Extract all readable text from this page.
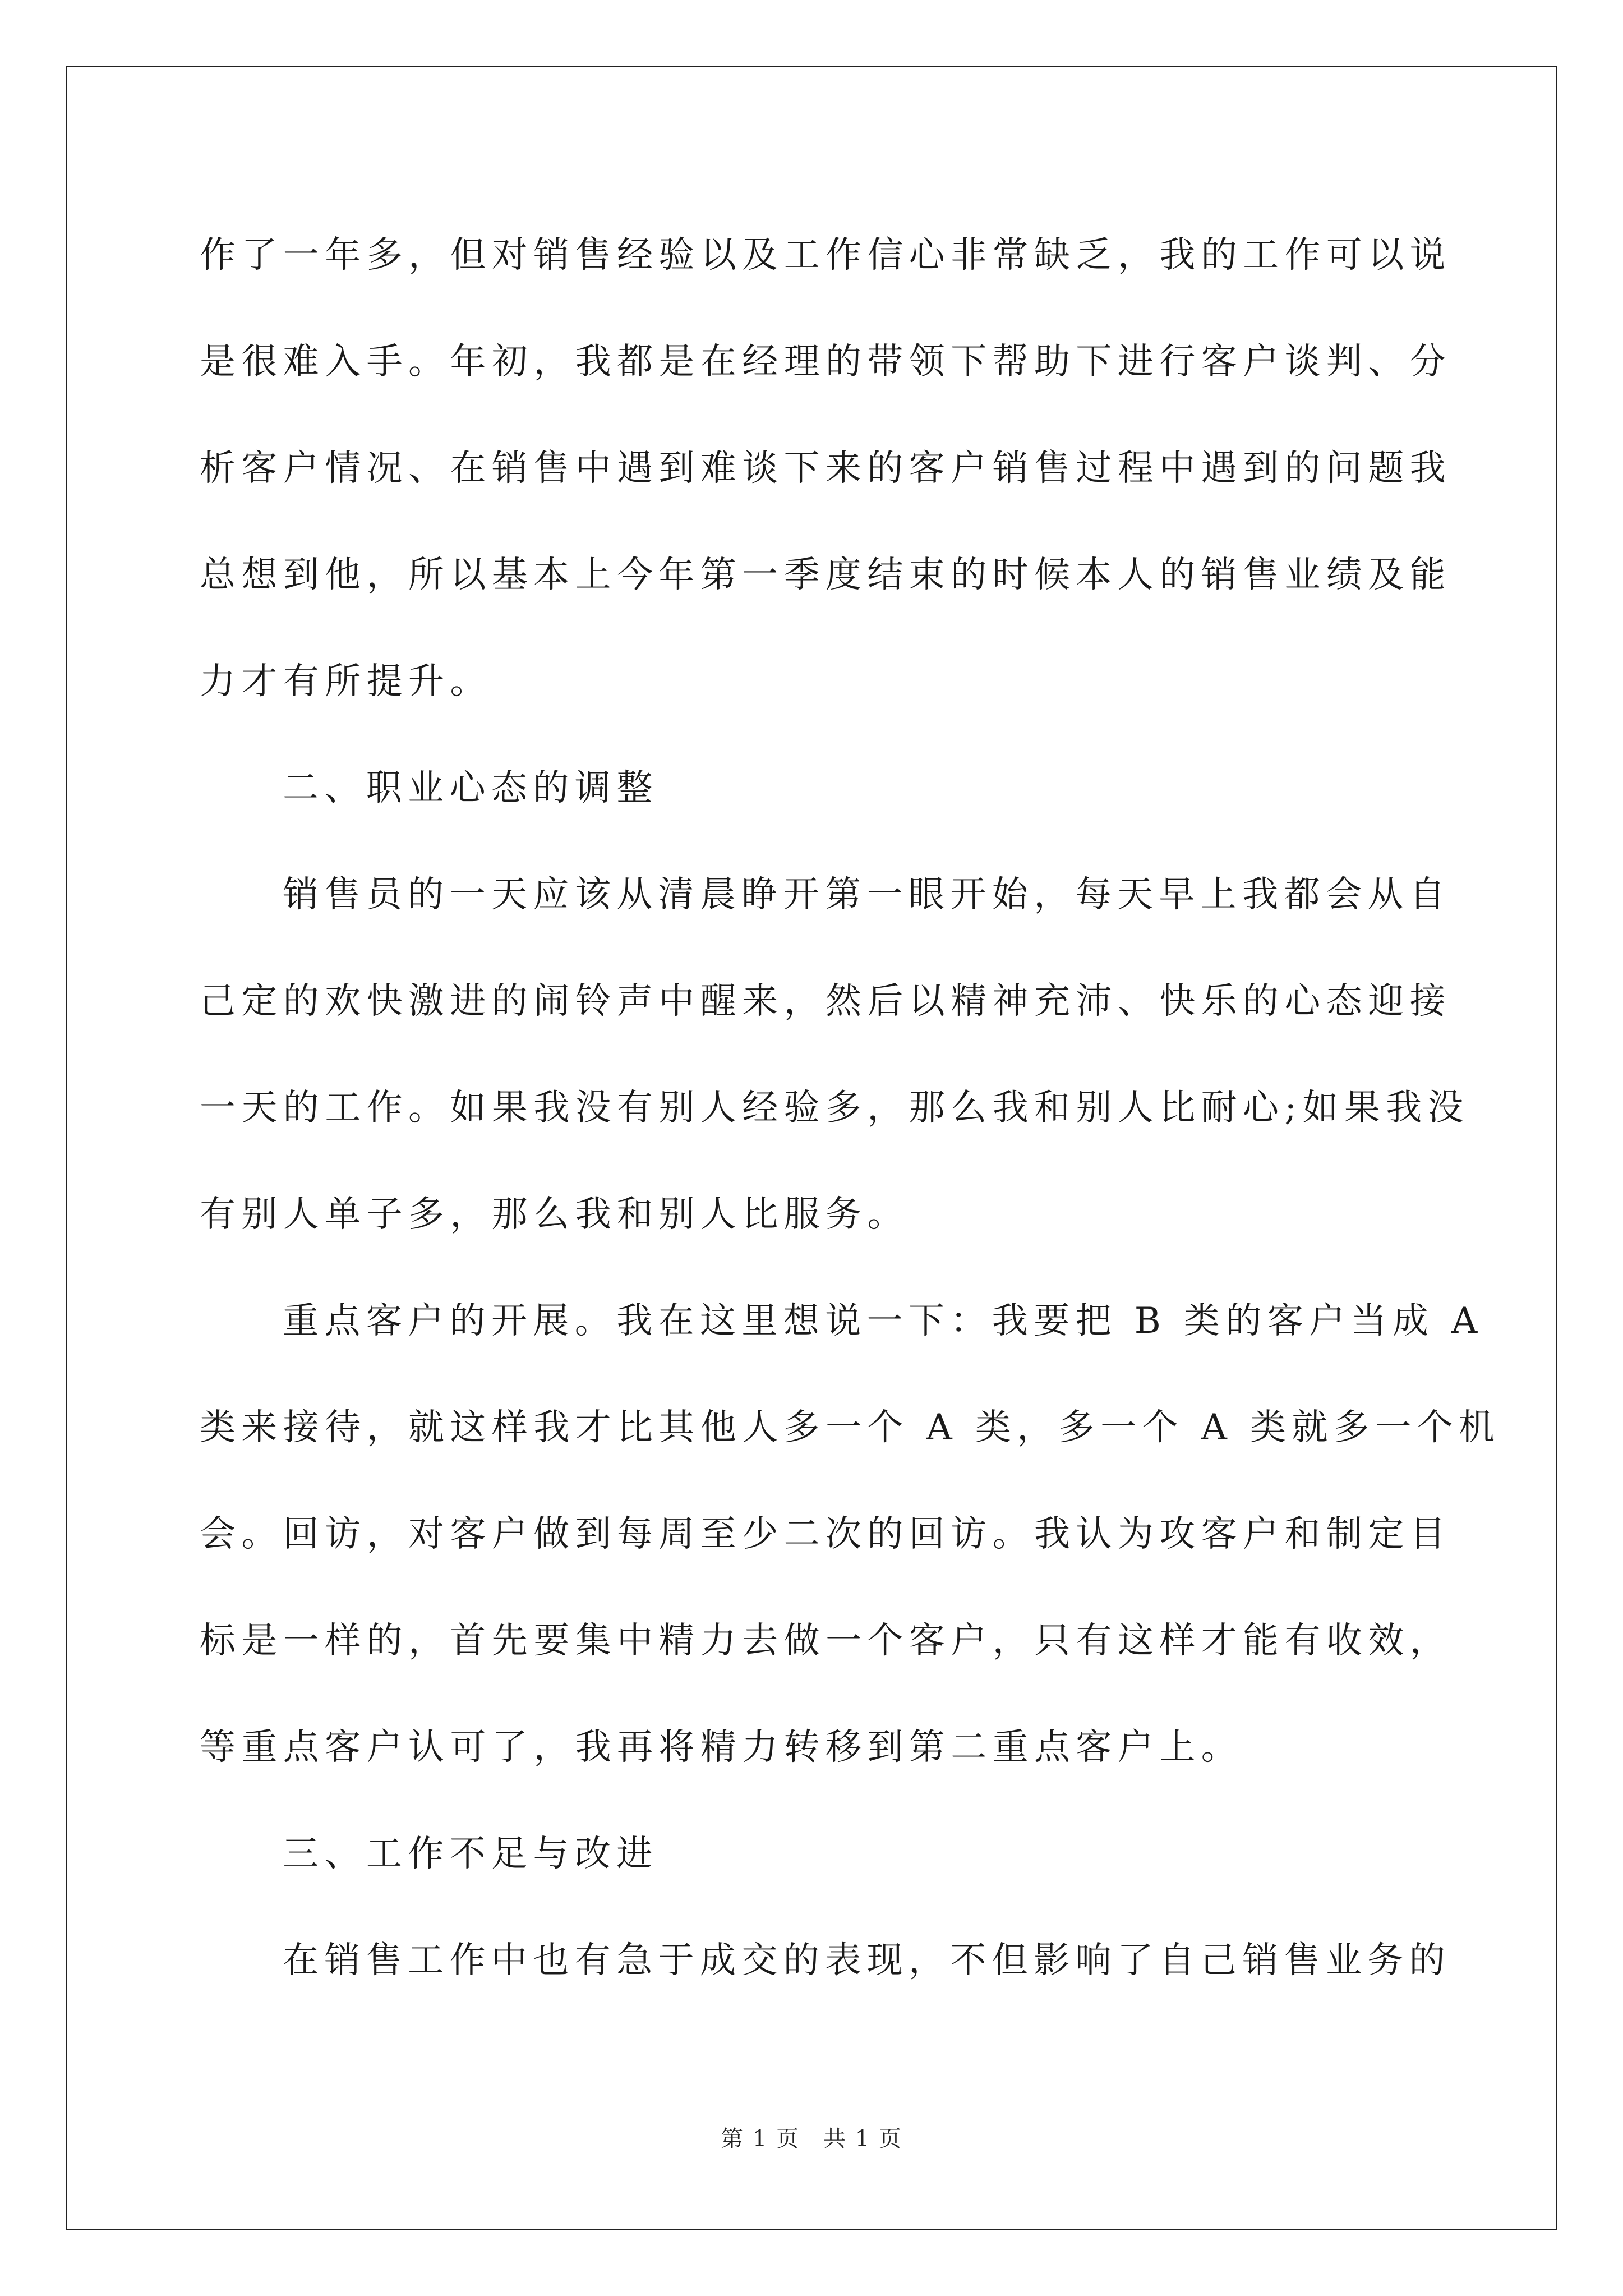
作了一年多，但对销售经验以及工作信心非常缺乏，我的工作可以说
是很难入手。年初，我都是在经理的带领下帮助下进行客户谈判、分
析客户情况、在销售中遇到难谈下来的客户销售过程中遇到的问题我
总想到他，所以基本上今年第一季度结束的时候本人的销售业绩及能
力才有所提升。
二、职业心态的调整
销售员的一天应该从清晨睁开第一眼开始，每天早上我都会从自
己定的欢快激进的闹铃声中醒来，然后以精神充沛、快乐的心态迎接
一天的工作。如果我没有别人经验多，那么我和别人比耐心;如果我没
有别人单子多，那么我和别人比服务。
重点客户的开展。我在这里想说一下：我要把 B 类的客户当成 A
类来接待，就这样我才比其他人多一个 A 类，多一个 A 类就多一个机
会。回访，对客户做到每周至少二次的回访。我认为攻客户和制定目
标是一样的，首先要集中精力去做一个客户，只有这样才能有收效，
等重点客户认可了，我再将精力转移到第二重点客户上。
三、工作不足与改进
在销售工作中也有急于成交的表现，不但影响了自己销售业务的
第 1 页　共 1 页
